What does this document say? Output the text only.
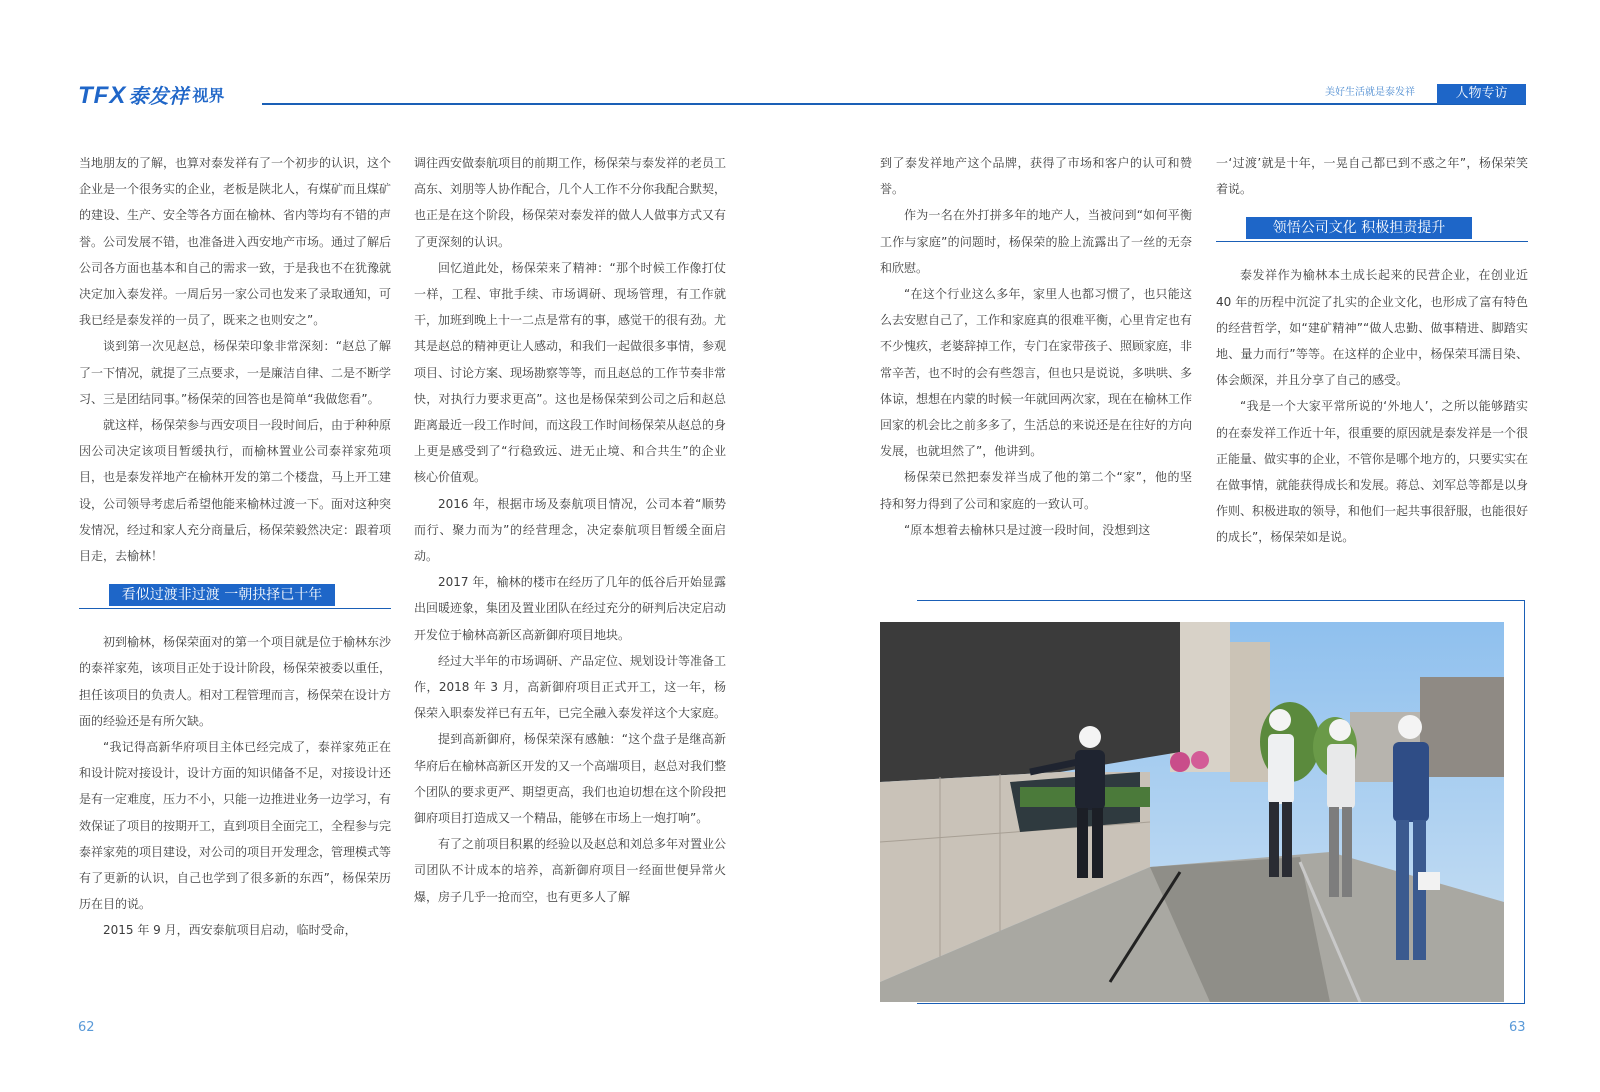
TFX 泰发祥 视界	美好生活就是泰发祥	人物专访

当地朋友的了解，也算对泰发祥有了一个初步的认识，这个企业是一个很务实的企业，老板是陕北人，有煤矿而且煤矿的建设、生产、安全等各方面在榆林、省内等均有不错的声誉。公司发展不错，也准备进入西安地产市场。通过了解后公司各方面也基本和自己的需求一致，于是我也不在犹豫就决定加入泰发祥。一周后另一家公司也发来了录取通知，可我已经是泰发祥的一员了，既来之也则安之”。

谈到第一次见赵总，杨保荣印象非常深刻：“赵总了解了一下情况，就提了三点要求，一是廉洁自律、二是不断学习、三是团结同事。”杨保荣的回答也是简单“我做您看”。

就这样，杨保荣参与西安项目一段时间后，由于种种原因公司决定该项目暂缓执行，而榆林置业公司泰祥家苑项目，也是泰发祥地产在榆林开发的第二个楼盘，马上开工建设，公司领导考虑后希望他能来榆林过渡一下。面对这种突发情况，经过和家人充分商量后，杨保荣毅然决定：跟着项目走，去榆林！

看似过渡非过渡 一朝抉择已十年

初到榆林，杨保荣面对的第一个项目就是位于榆林东沙的泰祥家苑，该项目正处于设计阶段，杨保荣被委以重任，担任该项目的负责人。相对工程管理而言，杨保荣在设计方面的经验还是有所欠缺。

“我记得高新华府项目主体已经完成了，泰祥家苑正在和设计院对接设计，设计方面的知识储备不足，对接设计还是有一定难度，压力不小，只能一边推进业务一边学习，有效保证了项目的按期开工，直到项目全面完工，全程参与完泰祥家苑的项目建设，对公司的项目开发理念，管理模式等有了更新的认识，自己也学到了很多新的东西”，杨保荣历历在目的说。

2015 年 9 月，西安泰航项目启动，临时受命，

调往西安做泰航项目的前期工作，杨保荣与泰发祥的老员工高东、刘朋等人协作配合，几个人工作不分你我配合默契，也正是在这个阶段，杨保荣对泰发祥的做人人做事方式又有了更深刻的认识。

回忆道此处，杨保荣来了精神：“那个时候工作像打仗一样，工程、审批手续、市场调研、现场管理，有工作就干，加班到晚上十一二点是常有的事，感觉干的很有劲。尤其是赵总的精神更让人感动，和我们一起做很多事情，参观项目、讨论方案、现场勘察等等，而且赵总的工作节奏非常快，对执行力要求更高”。这也是杨保荣到公司之后和赵总距离最近一段工作时间，而这段工作时间杨保荣从赵总的身上更是感受到了“行稳致远、进无止境、和合共生”的企业核心价值观。

2016 年，根据市场及泰航项目情况，公司本着“顺势而行、聚力而为”的经营理念，决定泰航项目暂缓全面启动。

2017 年，榆林的楼市在经历了几年的低谷后开始显露出回暖迹象，集团及置业团队在经过充分的研判后决定启动开发位于榆林高新区高新御府项目地块。

经过大半年的市场调研、产品定位、规划设计等准备工作，2018 年 3 月，高新御府项目正式开工，这一年，杨保荣入职泰发祥已有五年，已完全融入泰发祥这个大家庭。

提到高新御府，杨保荣深有感触：“这个盘子是继高新华府后在榆林高新区开发的又一个高端项目，赵总对我们整个团队的要求更严、期望更高，我们也迫切想在这个阶段把御府项目打造成又一个精品，能够在市场上一炮打响”。

有了之前项目积累的经验以及赵总和刘总多年对置业公司团队不计成本的培养，高新御府项目一经面世便异常火爆，房子几乎一抢而空，也有更多人了解

到了泰发祥地产这个品牌，获得了市场和客户的认可和赞誉。

作为一名在外打拼多年的地产人，当被问到“如何平衡工作与家庭”的问题时，杨保荣的脸上流露出了一丝的无奈和欣慰。

“在这个行业这么多年，家里人也都习惯了，也只能这么去安慰自己了，工作和家庭真的很难平衡，心里肯定也有不少愧疚，老婆辞掉工作，专门在家带孩子、照顾家庭，非常辛苦，也不时的会有些怨言，但也只是说说，多哄哄、多体谅，想想在内蒙的时候一年就回两次家，现在在榆林工作回家的机会比之前多多了，生活总的来说还是在往好的方向发展，也就坦然了”，他讲到。

杨保荣已然把泰发祥当成了他的第二个“家”，他的坚持和努力得到了公司和家庭的一致认可。

“原本想着去榆林只是过渡一段时间，没想到这

一‘过渡’就是十年，一晃自己都已到不惑之年”，杨保荣笑着说。

领悟公司文化 积极担责提升

泰发祥作为榆林本土成长起来的民营企业，在创业近 40 年的历程中沉淀了扎实的企业文化，也形成了富有特色的经营哲学，如“建矿精神”“做人忠勤、做事精进、脚踏实地、量力而行”等等。在这样的企业中，杨保荣耳濡目染、体会颇深，并且分享了自己的感受。

“我是一个大家平常所说的‘外地人’，之所以能够踏实的在泰发祥工作近十年，很重要的原因就是泰发祥是一个很正能量、做实事的企业，不管你是哪个地方的，只要实实在在做事情，就能获得成长和发展。蒋总、刘军总等都是以身作则、积极进取的领导，和他们一起共事很舒服，也能很好的成长”，杨保荣如是说。

62	63
